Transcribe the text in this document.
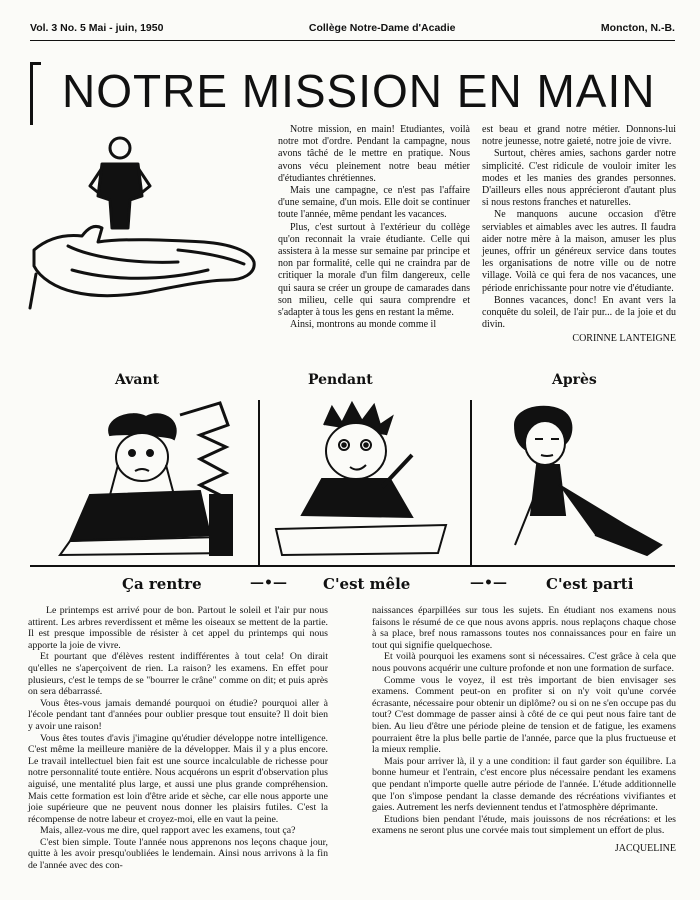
Vol. 3 No. 5 Mai - juin, 1950	Collège Notre-Dame d'Acadie	Moncton, N.-B.
NOTRE MISSION EN MAIN

Notre mission, en main! Etudiantes, voilà notre mot d'ordre. Pendant la campagne, nous avons tâché de le mettre en pratique. Nous avons vécu pleinement notre beau métier d'étudiantes chrétiennes.

Mais une campagne, ce n'est pas l'affaire d'une semaine, d'un mois. Elle doit se continuer toute l'année, même pendant les vacances.

Plus, c'est surtout à l'extérieur du collège qu'on reconnait la vraie étudiante. Celle qui assistera à la messe sur semaine par principe et non par formalité, celle qui ne craindra par de critiquer la morale d'un film dangereux, celle qui saura se créer un groupe de camarades dans son milieu, celle qui saura comprendre et s'adapter à tous les gens en restant la même.

Ainsi, montrons au monde comme il

est beau et grand notre métier. Donnons-lui notre jeunesse, notre gaieté, notre joie de vivre.

Surtout, chères amies, sachons garder notre simplicité. C'est ridicule de vouloir imiter les modes et les manies des grandes personnes. D'ailleurs elles nous apprécieront d'autant plus si nous restons franches et naturelles.

Ne manquons aucune occasion d'être serviables et aimables avec les autres. Il faudra aider notre mère à la maison, amuser les plus jeunes, offrir un généreux service dans toutes les organisations de notre ville ou de notre village. Voilà ce qui fera de nos vacances, une période enrichissante pour notre vie d'étudiante.

Bonnes vacances, donc! En avant vers la conquête du soleil, de l'air pur... de la joie et du divin.

CORINNE LANTEIGNE
Avant	Pendant	Après
Ça rentre	—•— C'est mêle	—•—	C'est parti

Le printemps est arrivé pour de bon. Partout le soleil et l'air pur nous attirent. Les arbres reverdissent et même les oiseaux se mettent de la partie. Il est presque impossible de résister à cet appel du printemps qui nous apporte la joie de vivre.

Et pourtant que d'élèves restent indifférentes à tout cela! On dirait qu'elles ne s'aperçoivent de rien. La raison? les examens. En effet pour plusieurs, c'est le temps de se "bourrer le crâne" comme on dit; et puis après on sera débarrassé.

Vous êtes-vous jamais demandé pourquoi on étudie? pourquoi aller à l'école pendant tant d'années pour oublier presque tout ensuite? Il doit bien y avoir une raison!

Vous êtes toutes d'avis j'imagine qu'étudier développe notre intelligence. C'est même la meilleure manière de la développer. Mais il y a plus encore. Le travail intellectuel bien fait est une source incalculable de richesse pour notre personnalité toute entière. Nous acquérons un esprit d'observation plus aiguisé, une mentalité plus large, et aussi une plus grande compréhension. Mais cette formation est loin d'être aride et sèche, car elle nous apporte une joie supérieure que ne peuvent nous donner les plaisirs futiles. C'est la récompense de notre labeur et croyez-moi, elle en vaut la peine.

Mais, allez-vous me dire, quel rapport avec les examens, tout ça?

C'est bien simple. Toute l'année nous apprenons nos leçons chaque jour, quitte à les avoir presqu'oubliées le lendemain. Ainsi nous arrivons à la fin de l'année avec des con-

naissances éparpillées sur tous les sujets. En étudiant nos examens nous faisons le résumé de ce que nous avons appris. nous replaçons chaque chose à sa place, bref nous ramassons toutes nos connaissances pour en faire un tout qui signifie quelquechose.

Et voilà pourquoi les examens sont si nécessaires. C'est grâce à cela que nous pouvons acquérir une culture profonde et non une formation de surface.

Comme vous le voyez, il est très important de bien envisager ses examens. Comment peut-on en profiter si on n'y voit qu'une corvée écrasante, nécessaire pour obtenir un diplôme? ou si on ne s'en occupe pas du tout? C'est dommage de passer ainsi à côté de ce qui peut nous faire tant de bien. Au lieu d'être une période pleine de tension et de fatigue, les examens pourraient être la plus belle partie de l'année, parce que la plus fructueuse et la mieux remplie.

Mais pour arriver là, il y a une condition: il faut garder son équilibre. La bonne humeur et l'entrain, c'est encore plus nécessaire pendant les examens que pendant n'importe quelle autre période de l'année. L'étude additionnelle que l'on s'impose pendant la classe demande des récréations vivifiantes et gaies. Autrement les nerfs deviennent tendus et l'atmosphère déprimante.

Etudions bien pendant l'étude, mais jouissons de nos récréations: et les examens ne seront plus une corvée mais tout simplement un effort de plus.

JACQUELINE
